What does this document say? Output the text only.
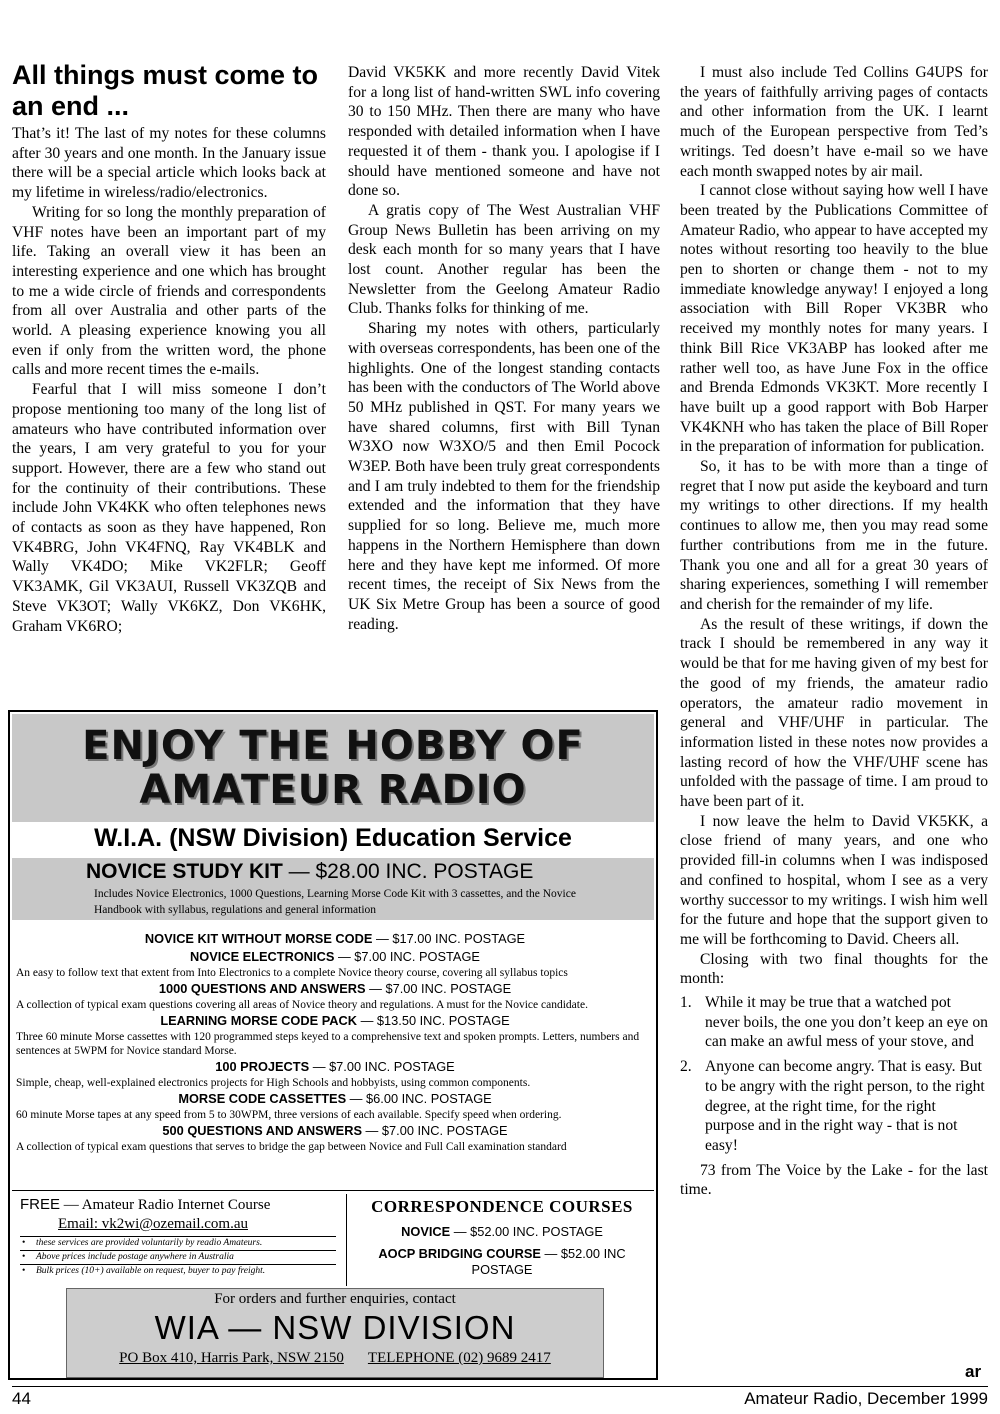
All things must come to an end ...

That’s it! The last of my notes for these columns after 30 years and one month. In the January issue there will be a special article which looks back at my lifetime in wireless/radio/electronics.

Writing for so long the monthly preparation of VHF notes have been an important part of my life. Taking an overall view it has been an interesting experience and one which has brought to me a wide circle of friends and correspondents from all over Australia and other parts of the world. A pleasing experience knowing you all even if only from the written word, the phone calls and more recent times the e-mails.

Fearful that I will miss someone I don’t propose mentioning too many of the long list of amateurs who have contributed information over the years, I am very grateful to you for your support. However, there are a few who stand out for the continuity of their contributions. These include John VK4KK who often telephones news of contacts as soon as they have happened, Ron VK4BRG, John VK4FNQ, Ray VK4BLK and Wally VK4DO; Mike VK2FLR; Geoff VK3AMK, Gil VK3AUI, Russell VK3ZQB and Steve VK3OT; Wally VK6KZ, Don VK6HK, Graham VK6RO;

David VK5KK and more recently David Vitek for a long list of hand-written SWL info covering 30 to 150 MHz. Then there are many who have responded with detailed information when I have requested it of them - thank you. I apologise if I should have mentioned someone and have not done so.

A gratis copy of The West Australian VHF Group News Bulletin has been arriving on my desk each month for so many years that I have lost count. Another regular has been the Newsletter from the Geelong Amateur Radio Club. Thanks folks for thinking of me.

Sharing my notes with others, particularly with overseas correspondents, has been one of the highlights. One of the longest standing contacts has been with the conductors of The World above 50 MHz published in QST. For many years we have shared columns, first with Bill Tynan W3XO now W3XO/5 and then Emil Pocock W3EP. Both have been truly great correspondents and I am truly indebted to them for the friendship extended and the information that they have supplied for so long. Believe me, much more happens in the Northern Hemisphere than down here and they have kept me informed. Of more recent times, the receipt of Six News from the UK Six Metre Group has been a source of good reading.

I must also include Ted Collins G4UPS for the years of faithfully arriving pages of contacts and other information from the UK. I learnt much of the European perspective from Ted’s writings. Ted doesn’t have e-mail so we have each month swapped notes by air mail.

I cannot close without saying how well I have been treated by the Publications Committee of Amateur Radio, who appear to have accepted my notes without resorting too heavily to the blue pen to shorten or change them - not to my immediate knowledge anyway! I enjoyed a long association with Bill Roper VK3BR who received my monthly notes for many years. I think Bill Rice VK3ABP has looked after me rather well too, as have June Fox in the office and Brenda Edmonds VK3KT. More recently I have built up a good rapport with Bob Harper VK4KNH who has taken the place of Bill Roper in the preparation of information for publication.

So, it has to be with more than a tinge of regret that I now put aside the keyboard and turn my writings to other directions. If my health continues to allow me, then you may read some further contributions from me in the future. Thank you one and all for a great 30 years of sharing experiences, something I will remember and cherish for the remainder of my life.

As the result of these writings, if down the track I should be remembered in any way it would be that for me having given of my best for the good of my friends, the amateur radio operators, the amateur radio movement in general and VHF/UHF in particular. The information listed in these notes now provides a lasting record of how the VHF/UHF scene has unfolded with the passage of time. I am proud to have been part of it.

I now leave the helm to David VK5KK, a close friend of many years, and one who provided fill-in columns when I was indisposed and confined to hospital, whom I see as a very worthy successor to my writings. I wish him well for the future and hope that the support given to me will be forthcoming to David. Cheers all.

Closing with two final thoughts for the month:

1. While it may be true that a watched pot never boils, the one you don’t keep an eye on can make an awful mess of your stove, and
2. Anyone can become angry. That is easy. But to be angry with the right person, to the right degree, at the right time, for the right purpose and in the right way - that is not easy!

73 from The Voice by the Lake - for the last time.

ar
ENJOY THE HOBBY OF
AMATEUR RADIO
W.I.A. (NSW Division) Education Service
NOVICE STUDY KIT — $28.00 INC. POSTAGE
Includes Novice Electronics, 1000 Questions, Learning Morse Code Kit with 3 cassettes, and the Novice Handbook with syllabus, regulations and general information
NOVICE KIT WITHOUT MORSE CODE — $17.00 INC. POSTAGE
NOVICE ELECTRONICS — $7.00 INC. POSTAGE
An easy to follow text that extent from Into Electronics to a complete Novice theory course, covering all syllabus topics
1000 QUESTIONS AND ANSWERS — $7.00 INC. POSTAGE
A collection of typical exam questions covering all areas of Novice theory and regulations. A must for the Novice candidate.
LEARNING MORSE CODE PACK — $13.50 INC. POSTAGE
Three 60 minute Morse cassettes with 120 programmed steps keyed to a comprehensive text and spoken prompts. Letters, numbers and sentences at 5WPM for Novice standard Morse.
100 PROJECTS — $7.00 INC. POSTAGE
Simple, cheap, well-explained electronics projects for High Schools and hobbyists, using common components.
MORSE CODE CASSETTES — $6.00 INC. POSTAGE
60 minute Morse tapes at any speed from 5 to 30WPM, three versions of each available. Specify speed when ordering.
500 QUESTIONS AND ANSWERS — $7.00 INC. POSTAGE
A collection of typical exam questions that serves to bridge the gap between Novice and Full Call examination standard
FREE — Amateur Radio Internet Course
Email: vk2wi@ozemail.com.au
• these services are provided voluntarily by readio Amateurs.
• Above prices include postage anywhere in Australia
• Bulk prices (10+) available on request, buyer to pay freight.
CORRESPONDENCE COURSES
NOVICE — $52.00 INC. POSTAGE
AOCP BRIDGING COURSE — $52.00 INC POSTAGE
For orders and further enquiries, contact
WIA — NSW DIVISION
PO Box 410, Harris Park, NSW 2150 TELEPHONE (02) 9689 2417
44	Amateur Radio, December 1999
